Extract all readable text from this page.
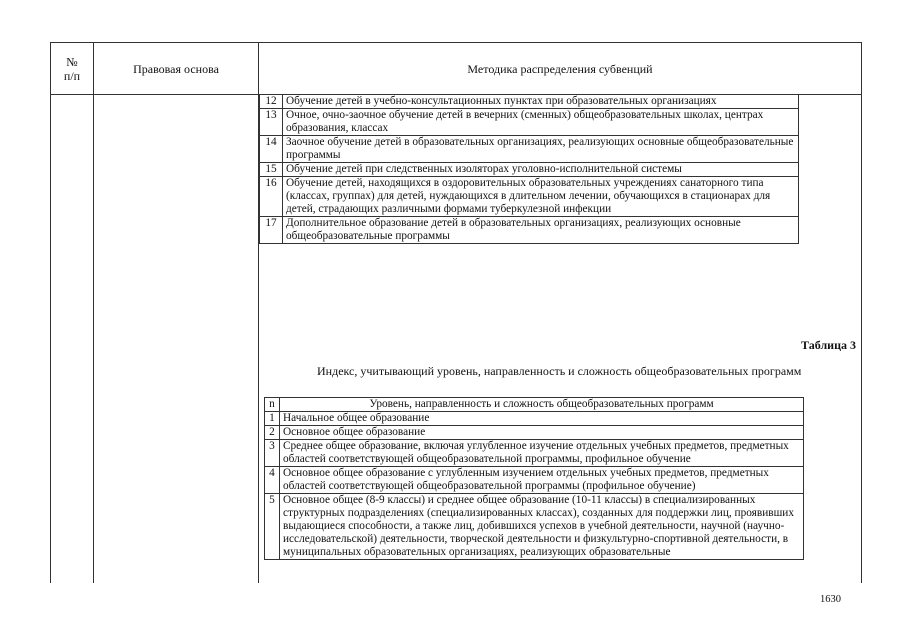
№ п/п	Правовая основа	Методика распределения субвенций
12	Обучение детей в учебно-консультационных пунктах при образовательных организациях
13	Очное, очно-заочное обучение детей в вечерних (сменных) общеобразовательных школах, центрах образования, классах
14	Заочное обучение детей в образовательных организациях, реализующих основные общеобразовательные программы
15	Обучение детей при следственных изоляторах уголовно-исполнительной системы
16	Обучение детей, находящихся в оздоровительных образовательных учреждениях санаторного типа (классах, группах) для детей, нуждающихся в длительном лечении, обучающихся в стационарах для детей, страдающих различными формами туберкулезной инфекции
17	Дополнительное образование детей в образовательных организациях, реализующих основные общеобразовательные программы
Таблица 3
Индекс, учитывающий уровень, направленность и сложность общеобразовательных программ
n	Уровень, направленность и сложность общеобразовательных программ
1	Начальное общее образование
2	Основное общее образование
3	Среднее общее образование, включая углубленное изучение отдельных учебных предметов, предметных областей соответствующей общеобразовательной программы, профильное обучение
4	Основное общее образование с углубленным изучением отдельных учебных предметов, предметных областей соответствующей общеобразовательной программы (профильное обучение)
5	Основное общее (8-9 классы) и среднее общее образование (10-11 классы) в специализированных структурных подразделениях (специализированных классах), созданных для поддержки лиц, проявивших выдающиеся способности, а также лиц, добившихся успехов в учебной деятельности, научной (научно-исследовательской) деятельности, творческой деятельности и физкультурно-спортивной деятельности, в муниципальных образовательных организациях, реализующих образовательные
1630
